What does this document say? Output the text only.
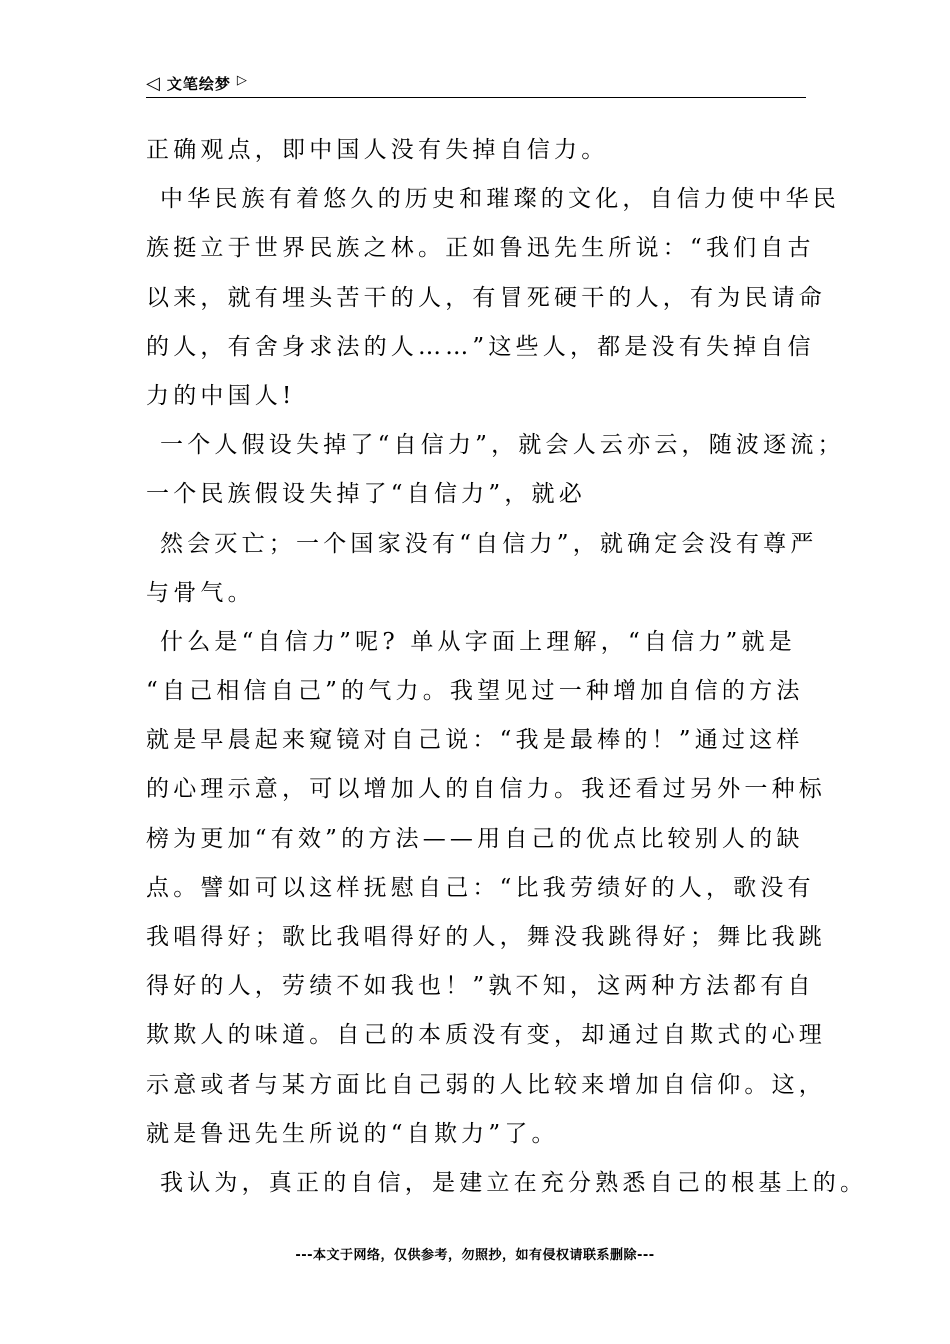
◁ 文笔绘梦 ▷
正确观点，即中国人没有失掉自信力。
中华民族有着悠久的历史和璀璨的文化，自信力使中华民
族挺立于世界民族之林。正如鲁迅先生所说：“我们自古
以来，就有埋头苦干的人，有冒死硬干的人，有为民请命
的人，有舍身求法的人……”这些人，都是没有失掉自信
力的中国人!
一个人假设失掉了“自信力”，就会人云亦云，随波逐流；
一个民族假设失掉了“自信力”，就必
然会灭亡；一个国家没有“自信力”，就确定会没有尊严
与骨气。
什么是“自信力”呢? 单从字面上理解，“自信力”就是
“自己相信自己”的气力。我望见过一种增加自信的方法
就是早晨起来窥镜对自己说：“我是最棒的！”通过这样
的心理示意，可以增加人的自信力。我还看过另外一种标
榜为更加“有效”的方法——用自己的优点比较别人的缺
点。譬如可以这样抚慰自己：“比我劳绩好的人，歌没有
我唱得好；歌比我唱得好的人，舞没我跳得好；舞比我跳
得好的人，劳绩不如我也！”孰不知，这两种方法都有自
欺欺人的味道。自己的本质没有变，却通过自欺式的心理
示意或者与某方面比自己弱的人比较来增加自信仰。这，
就是鲁迅先生所说的“自欺力”了。
我认为，真正的自信，是建立在充分熟悉自己的根基上的。
---本文于网络，仅供参考，勿照抄，如有侵权请联系删除---
